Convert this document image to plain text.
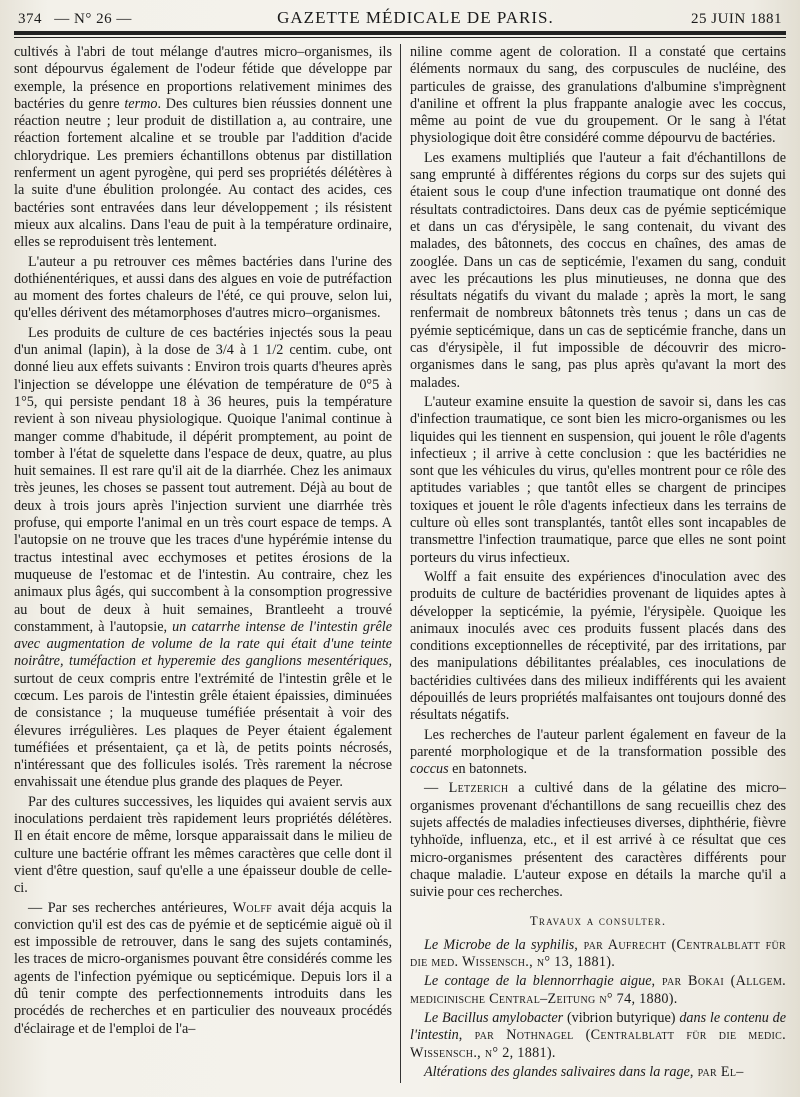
374 — N° 26 —	GAZETTE MÉDICALE DE PARIS.	25 JUIN 1881

cultivés à l'abri de tout mélange d'autres micro–organismes, ils sont dépourvus également de l'odeur fétide que développe par exemple, la présence en proportions relativement minimes des bactéries du genre termo. Des cultures bien réussies donnent une réaction neutre ; leur produit de distillation a, au contraire, une réaction fortement alcaline et se trouble par l'addition d'acide chlorydrique. Les premiers échantillons obtenus par distillation renferment un agent pyrogène, qui perd ses propriétés délétères à la suite d'une ébulition prolongée. Au contact des acides, ces bactéries sont entravées dans leur développement ; ils résistent mieux aux alcalins. Dans l'eau de puit à la température ordinaire, elles se reproduisent très lentement.

L'auteur a pu retrouver ces mêmes bactéries dans l'urine des dothiénentériques, et aussi dans des algues en voie de putréfaction au moment des fortes chaleurs de l'été, ce qui prouve, selon lui, qu'elles dérivent des métamorphoses d'autres micro–organismes.

Les produits de culture de ces bactéries injectés sous la peau d'un animal (lapin), à la dose de 3/4 à 1 1/2 centim. cube, ont donné lieu aux effets suivants : Environ trois quarts d'heures après l'injection se développe une élévation de température de 0°5 à 1°5, qui persiste pendant 18 à 36 heures, puis la température revient à son niveau physiologique. Quoique l'animal continue à manger comme d'habitude, il dépérit promptement, au point de tomber à l'état de squelette dans l'espace de deux, quatre, au plus huit semaines. Il est rare qu'il ait de la diarrhée. Chez les animaux très jeunes, les choses se passent tout autrement. Déjà au bout de deux à trois jours après l'injection survient une diarrhée très profuse, qui emporte l'animal en un très court espace de temps. A l'autopsie on ne trouve que les traces d'une hypérémie intense du tractus intestinal avec ecchymoses et petites érosions de la muqueuse de l'estomac et de l'intestin. Au contraire, chez les animaux plus âgés, qui succombent à la consomption progressive au bout de deux à huit semaines, Brantleeht a trouvé constamment, à l'autopsie, un catarrhe intense de l'intestin grêle avec augmentation de volume de la rate qui était d'une teinte noirâtre, tuméfaction et hyperemie des ganglions mesentériques, surtout de ceux compris entre l'extrémité de l'intestin grêle et le cœcum. Les parois de l'intestin grêle étaient épaissies, diminuées de consistance ; la muqueuse tuméfiée présentait à voir des élevures irrégulières. Les plaques de Peyer étaient également tuméfiées et présentaient, ça et là, de petits points nécrosés, n'intéressant que des follicules isolés. Très rarement la nécrose envahissait une étendue plus grande des plaques de Peyer.

Par des cultures successives, les liquides qui avaient servis aux inoculations perdaient très rapidement leurs propriétés délétères. Il en était encore de même, lorsque apparaissait dans le milieu de culture une bactérie offrant les mêmes caractères que celle dont il vient d'être question, sauf qu'elle a une épaisseur double de celle-ci.

— Par ses recherches antérieures, Wolff avait déja acquis la conviction qu'il est des cas de pyémie et de septicémie aiguë où il est impossible de retrouver, dans le sang des sujets contaminés, les traces de micro-organismes pouvant être considérés comme les agents de l'infection pyémique ou septicémique. Depuis lors il a dû tenir compte des perfectionnements introduits dans les procédés de recherches et en particulier des nouveaux procédés d'éclairage et de l'emploi de l'a–

niline comme agent de coloration. Il a constaté que certains éléments normaux du sang, des corpuscules de nucléine, des particules de graisse, des granulations d'albumine s'imprègnent d'aniline et offrent la plus frappante analogie avec les coccus, même au point de vue du groupement. Or le sang à l'état physiologique doit être considéré comme dépourvu de bactéries.

Les examens multipliés que l'auteur a fait d'échantillons de sang emprunté à différentes régions du corps sur des sujets qui étaient sous le coup d'une infection traumatique ont donné des résultats contradictoires. Dans deux cas de pyémie septicémique et dans un cas d'érysipèle, le sang contenait, du vivant des malades, des bâtonnets, des coccus en chaînes, des amas de zooglée. Dans un cas de septicémie, l'examen du sang, conduit avec les précautions les plus minutieuses, ne donna que des résultats négatifs du vivant du malade ; après la mort, le sang renfermait de nombreux bâtonnets très tenus ; dans un cas de pyémie septicémique, dans un cas de septicémie franche, dans un cas d'érysipèle, il fut impossible de découvrir des micro-organismes dans le sang, pas plus après qu'avant la mort des malades.

L'auteur examine ensuite la question de savoir si, dans les cas d'infection traumatique, ce sont bien les micro-organismes ou les liquides qui les tiennent en suspension, qui jouent le rôle d'agents infectieux ; il arrive à cette conclusion : que les bactéridies ne sont que les véhicules du virus, qu'elles montrent pour ce rôle des aptitudes variables ; que tantôt elles se chargent de principes toxiques et jouent le rôle d'agents infectieux dans les terrains de culture où elles sont transplantés, tantôt elles sont incapables de transmettre l'infection traumatique, parce que elles ne sont point porteurs du virus infectieux.

Wolff a fait ensuite des expériences d'inoculation avec des produits de culture de bactéridies provenant de liquides aptes à développer la septicémie, la pyémie, l'érysipèle. Quoique les animaux inoculés avec ces produits fussent placés dans des conditions exceptionnelles de réceptivité, par des irritations, par des manipulations débilitantes préalables, ces inoculations de bactéridies cultivées dans des milieux indifférents qui les avaient dépouillés de leurs propriétés malfaisantes ont toujours donné des résultats négatifs.

Les recherches de l'auteur parlent également en faveur de la parenté morphologique et de la transformation possible des coccus en batonnets.

— Letzerich a cultivé dans de la gélatine des micro–organismes provenant d'échantillons de sang recueillis chez des sujets affectés de maladies infectieuses diverses, diphthérie, fièvre tyhhoïde, influenza, etc., et il est arrivé à ce résultat que ces micro-organismes présentent des caractères différents pour chaque maladie. L'auteur expose en détails la marche qu'il a suivie pour ces recherches.

Travaux a consulter.

Le Microbe de la syphilis, par Aufrecht (Centralblatt für die med. Wissensch., n° 13, 1881).

Le contage de la blennorrhagie aigue, par Bokai (Allgem. medicinische Central–Zeitung n° 74, 1880).

Le Bacillus amylobacter (vibrion butyrique) dans le contenu de l'intestin, par Nothnagel (Centralblatt für die medic. Wissensch., n° 2, 1881).

Altérations des glandes salivaires dans la rage, par El–
